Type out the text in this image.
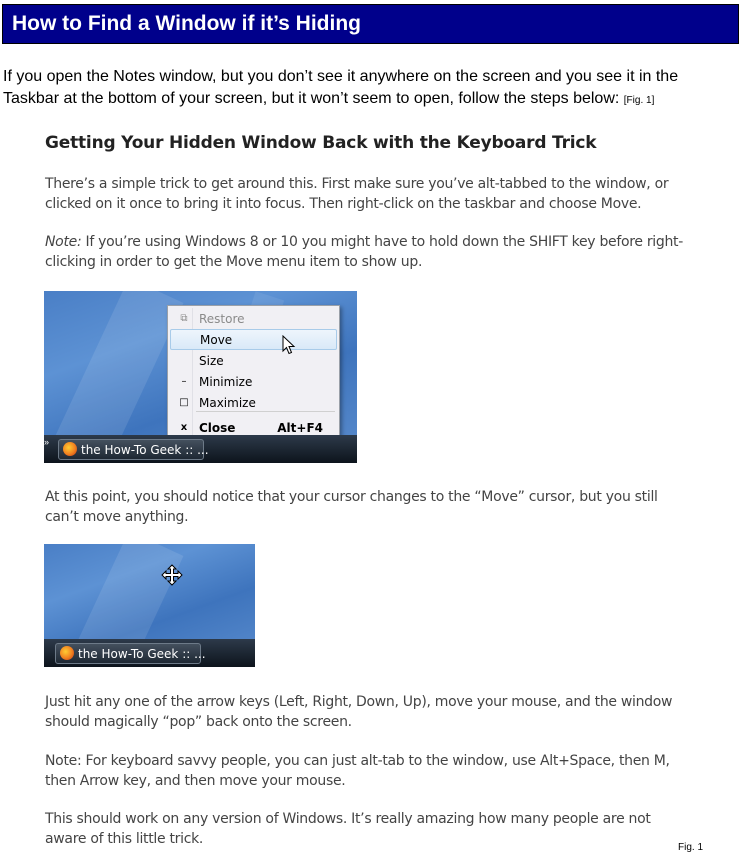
How to Find a Window if it’s Hiding
If you open the Notes window, but you don’t see it anywhere on the screen and you see it in the Taskbar at the bottom of your screen, but it won’t seem to open, follow the steps below: [Fig. 1]
Getting Your Hidden Window Back with the Keyboard Trick

There’s a simple trick to get around this. First make sure you’ve alt-tabbed to the window, or clicked on it once to bring it into focus. Then right-click on the taskbar and choose Move.

Note: If you’re using Windows 8 or 10 you might have to hold down the SHIFT key before right-clicking in order to get the Move menu item to show up.

At this point, you should notice that your cursor changes to the “Move” cursor, but you still can’t move anything.

Just hit any one of the arrow keys (Left, Right, Down, Up), move your mouse, and the window should magically “pop” back onto the screen.

Note: For keyboard savvy people, you can just alt-tab to the window, use Alt+Space, then M, then Arrow key, and then move your mouse.

This should work on any version of Windows. It’s really amazing how many people are not aware of this little trick.

⧉ Restore
Move
Size
–	Minimize
□ Maximize
x Close	Alt+F4
»
the How-To Geek :: ...
the How-To Geek :: ...
Fig. 1
